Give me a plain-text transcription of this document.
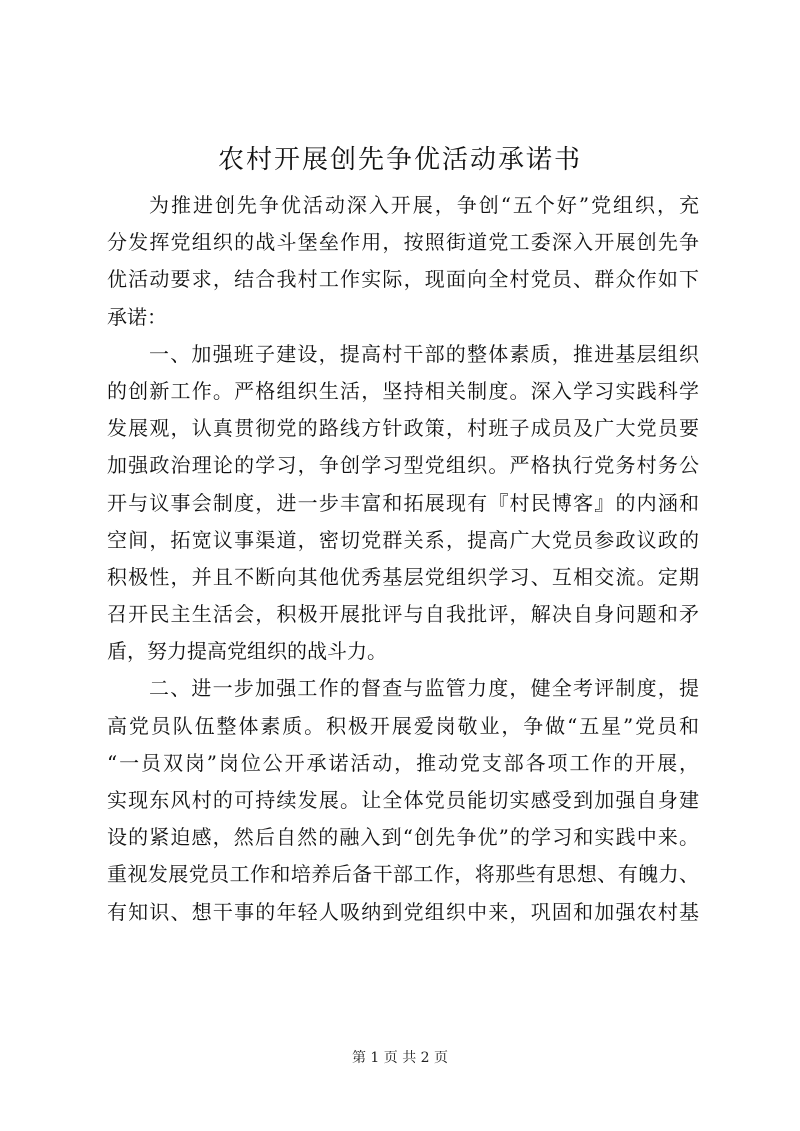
农村开展创先争优活动承诺书
为推进创先争优活动深入开展，争创“五个好”党组织，充
分发挥党组织的战斗堡垒作用，按照街道党工委深入开展创先争
优活动要求，结合我村工作实际，现面向全村党员、群众作如下
承诺：
一、加强班子建设，提高村干部的整体素质，推进基层组织
的创新工作。严格组织生活，坚持相关制度。深入学习实践科学
发展观，认真贯彻党的路线方针政策，村班子成员及广大党员要
加强政治理论的学习，争创学习型党组织。严格执行党务村务公
开与议事会制度，进一步丰富和拓展现有『村民博客』的内涵和
空间，拓宽议事渠道，密切党群关系，提高广大党员参政议政的
积极性，并且不断向其他优秀基层党组织学习、互相交流。定期
召开民主生活会，积极开展批评与自我批评，解决自身问题和矛
盾，努力提高党组织的战斗力。
二、进一步加强工作的督查与监管力度，健全考评制度，提
高党员队伍整体素质。积极开展爱岗敬业，争做“五星”党员和
“一员双岗”岗位公开承诺活动，推动党支部各项工作的开展，
实现东风村的可持续发展。让全体党员能切实感受到加强自身建
设的紧迫感，然后自然的融入到“创先争优”的学习和实践中来。
重视发展党员工作和培养后备干部工作，将那些有思想、有魄力、
有知识、想干事的年轻人吸纳到党组织中来，巩固和加强农村基
第 1 页 共 2 页
